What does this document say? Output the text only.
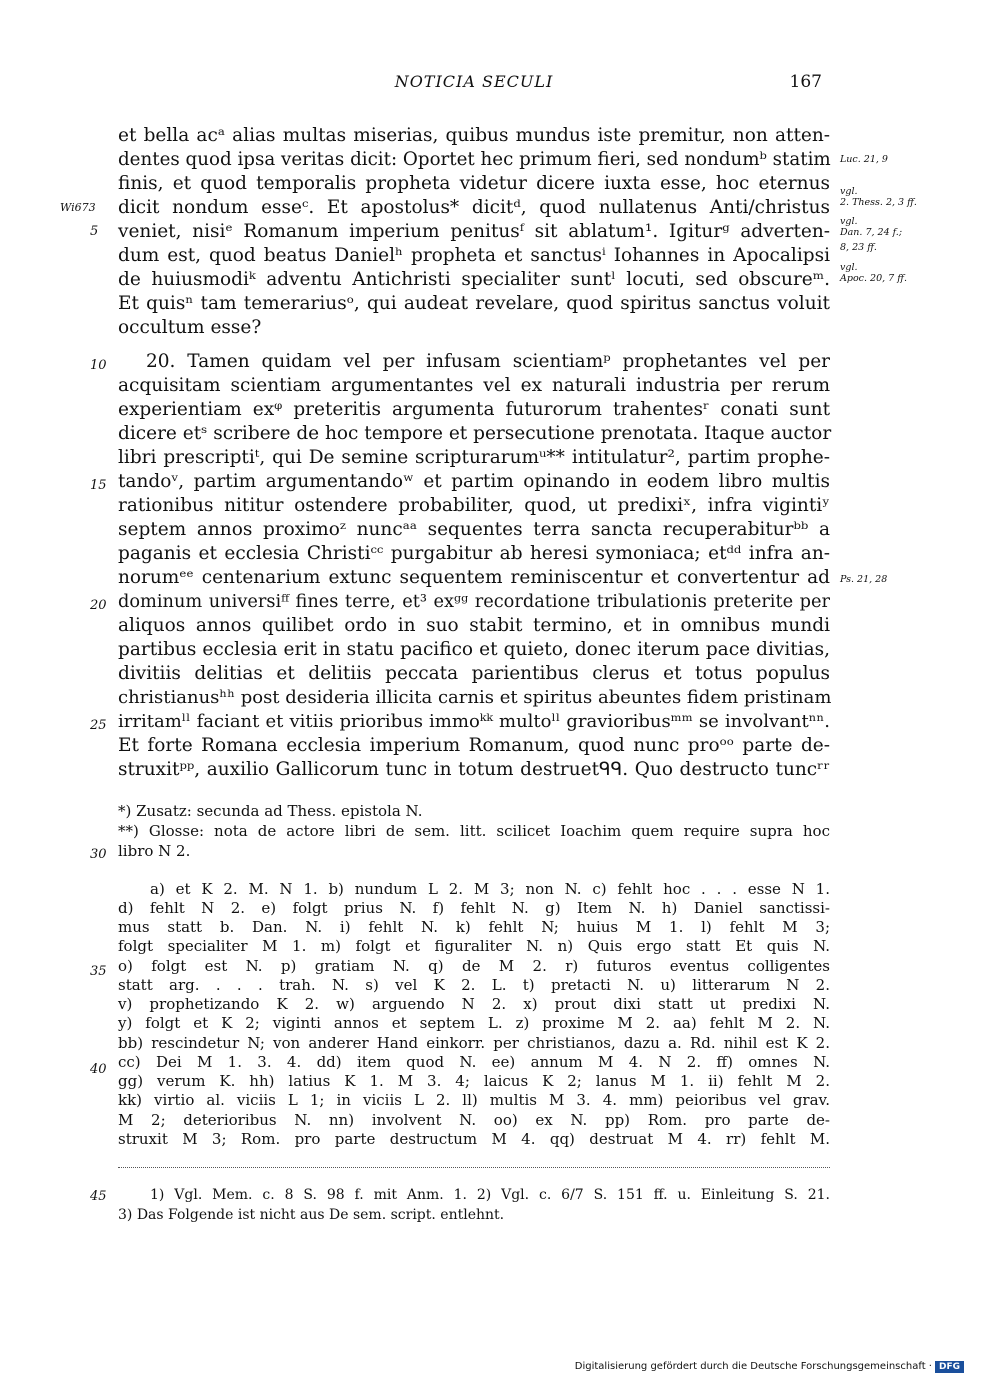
NOTICIA SECULI	167
et bella acᵃ alias multas miserias, quibus mundus iste premitur, non atten-
dentes quod ipsa veritas dicit: Oportet hec primum fieri, sed nondumᵇ statim
finis, et quod temporalis propheta videtur dicere iuxta esse, hoc eternus
dicit nondum esseᶜ. Et apostolus* dicitᵈ, quod nullatenus Anti/christus
veniet, nisiᵉ Romanum imperium penitusᶠ sit ablatum¹. Igiturᵍ adverten-
dum est, quod beatus Danielʰ propheta et sanctusⁱ Iohannes in Apocalipsi
de huiusmodiᵏ adventu Antichristi specialiter suntˡ locuti, sed obscureᵐ.
Et quisⁿ tam temerariusᵒ, qui audeat revelare, quod spiritus sanctus voluit
occultum esse?
20. Tamen quidam vel per infusam scientiamᵖ prophetantes vel per
acquisitam scientiam argumentantes vel ex naturali industria per rerum
experientiam exᵠ preteritis argumenta futurorum trahentesʳ conati sunt
dicere etˢ scribere de hoc tempore et persecutione prenotata. Itaque auctor
libri prescriptiᵗ, qui De semine scripturarumᵘ** intitulatur², partim prophe-
tandoᵛ, partim argumentandoʷ et partim opinando in eodem libro multis
rationibus nititur ostendere probabiliter, quod, ut predixiˣ, infra vigintiʸ
septem annos proximoᶻ nuncᵃᵃ sequentes terra sancta recuperabiturᵇᵇ a
paganis et ecclesia Christiᶜᶜ purgabitur ab heresi symoniaca; etᵈᵈ infra an-
norumᵉᵉ centenarium extunc sequentem reminiscentur et convertentur ad
dominum universiᶠᶠ fines terre, et³ exᵍᵍ recordatione tribulationis preterite per
aliquos annos quilibet ordo in suo stabit termino, et in omnibus mundi
partibus ecclesia erit in statu pacifico et quieto, donec iterum pace divitias,
divitiis delitias et delitiis peccata parientibus clerus et totus populus
christianusʰʰ post desideria illicita carnis et spiritus abeuntes fidem pristinam
irritamˡˡ faciant et vitiis prioribus immoᵏᵏ multoˡˡ gravioribusᵐᵐ se involvantⁿⁿ.
Et forte Romana ecclesia imperium Romanum, quod nunc proᵒᵒ parte de-
struxitᵖᵖ, auxilio Gallicorum tunc in totum destruetᑫᑫ. Quo destructo tuncʳʳ
5
10
15
20
25
30
35
40
45
Wi673
Luc. 21, 9
vgl.
2. Thess. 2, 3 ff.
vgl.
Dan. 7, 24 f.;
8, 23 ff.
vgl.
Apoc. 20, 7 ff.
Ps. 21, 28
*) Zusatz: secunda ad Thess. epistola N.
**) Glosse: nota de actore libri de sem. litt. scilicet Ioachim quem require supra hoc
libro N 2.
a) et K 2. M. N 1. b) nundum L 2. M 3; non N. c) fehlt hoc . . . esse N 1.
d) fehlt N 2. e) folgt prius N. f) fehlt N. g) Item N. h) Daniel sanctissi-
mus statt b. Dan. N. i) fehlt N. k) fehlt N; huius M 1. l) fehlt M 3;
folgt specialiter M 1. m) folgt et figuraliter N. n) Quis ergo statt Et quis N.
o) folgt est N. p) gratiam N. q) de M 2. r) futuros eventus colligentes
statt arg. . . . trah. N. s) vel K 2. L. t) pretacti N. u) litterarum N 2.
v) prophetizando K 2. w) arguendo N 2. x) prout dixi statt ut predixi N.
y) folgt et K 2; viginti annos et septem L. z) proxime M 2. aa) fehlt M 2. N.
bb) rescindetur N; von anderer Hand einkorr. per christianos, dazu a. Rd. nihil est K 2.
cc) Dei M 1. 3. 4. dd) item quod N. ee) annum M 4. N 2. ff) omnes N.
gg) verum K. hh) latius K 1. M 3. 4; laicus K 2; lanus M 1. ii) fehlt M 2.
kk) virtio al. viciis L 1; in viciis L 2. ll) multis M 3. 4. mm) peioribus vel grav.
M 2; deterioribus N. nn) involvent N. oo) ex N. pp) Rom. pro parte de-
struxit M 3; Rom. pro parte destructum M 4. qq) destruat M 4. rr) fehlt M.
1) Vgl. Mem. c. 8 S. 98 f. mit Anm. 1. 2) Vgl. c. 6/7 S. 151 ff. u. Einleitung S. 21.
3) Das Folgende ist nicht aus De sem. script. entlehnt.
Digitalisierung gefördert durch die Deutsche Forschungsgemeinschaft · DFG
